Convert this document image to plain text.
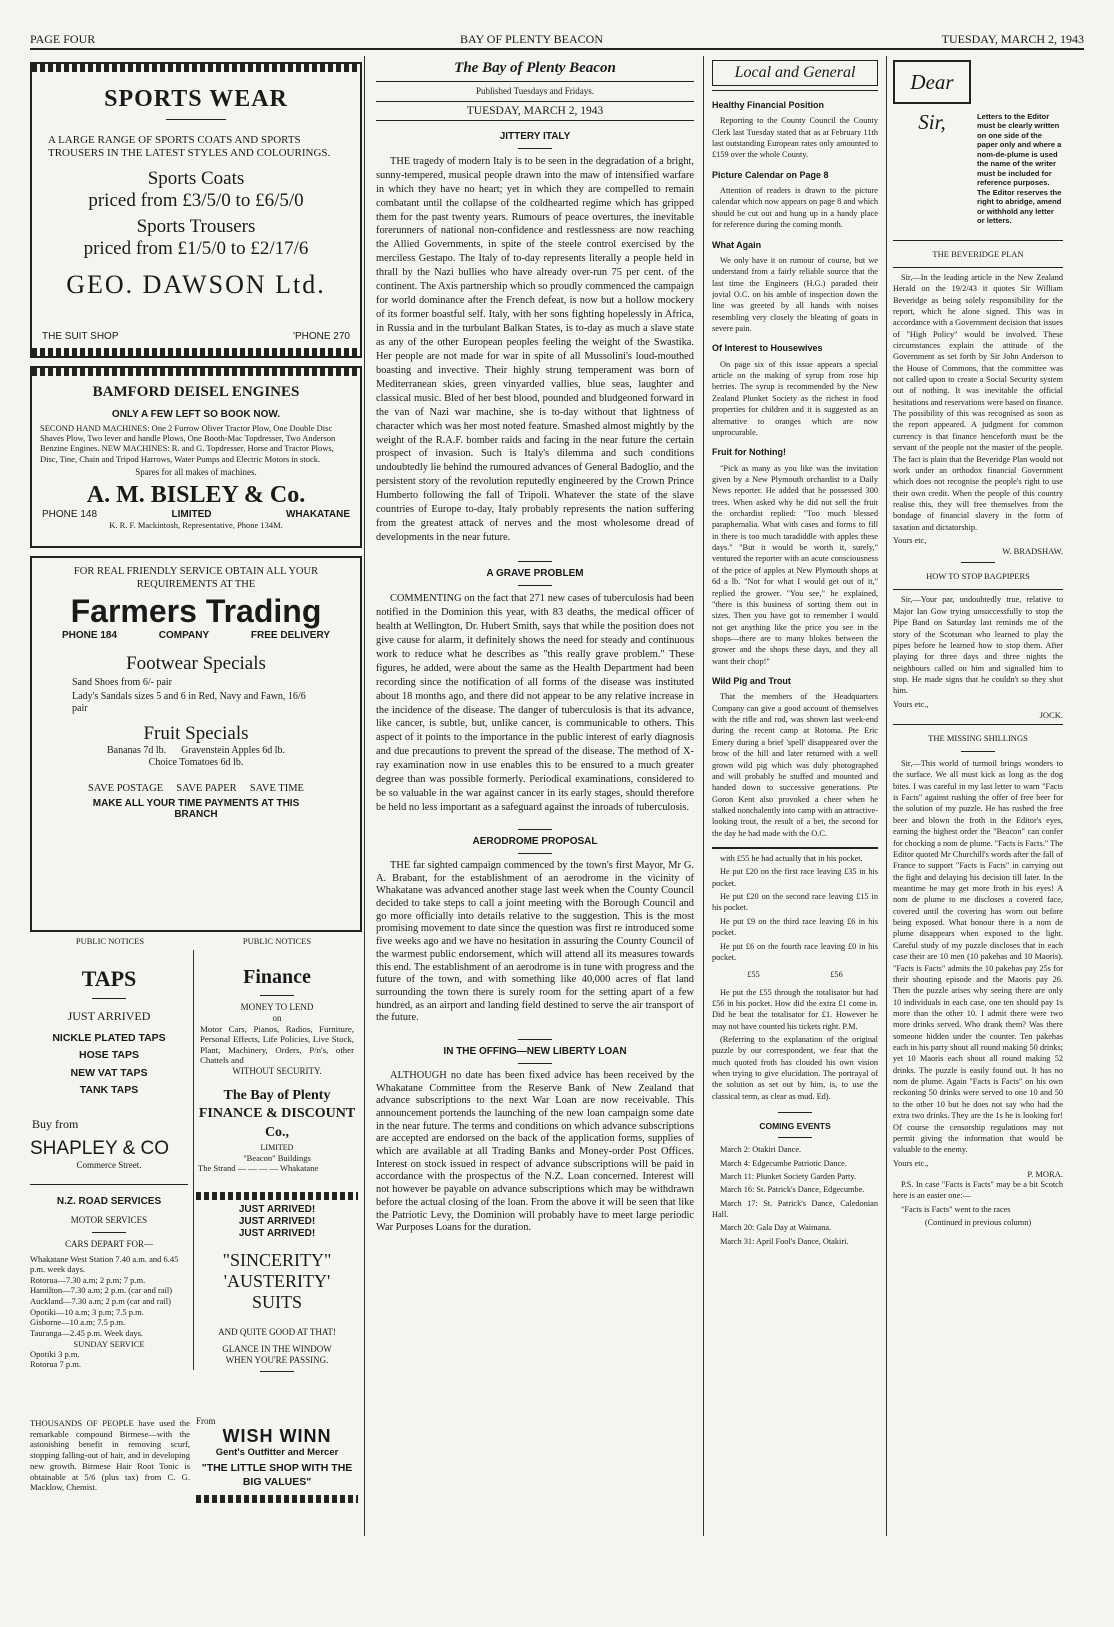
PAGE FOUR	BAY OF PLENTY BEACON	TUESDAY, MARCH 2, 1943
SPORTS WEAR
A LARGE RANGE OF SPORTS COATS AND SPORTS TROUSERS IN THE LATEST STYLES AND COLOURINGS.
Sports Coats
priced from £3/5/0 to £6/5/0
Sports Trousers
priced from £1/5/0 to £2/17/6
GEO. DAWSON Ltd.
THE SUIT SHOP	'PHONE 270
BAMFORD DEISEL ENGINES
ONLY A FEW LEFT SO BOOK NOW.
SECOND HAND MACHINES: One 2 Furrow Oliver Tractor Plow, One Double Disc Shaves Plow, Two lever and handle Plows, One Booth-Mac Topdresser, Two Anderson Benzine Engines. NEW MACHINES: R. and G. Topdresser, Horse and Tractor Plows, Disc, Tine, Chain and Tripod Harrows, Water Pumps and Electric Motors in stock.
Spares for all makes of machines.
A. M. BISLEY & Co.
PHONE 148	LIMITED	WHAKATANE
K. R. F. Mackintosh, Representative, Phone 134M.
FOR REAL FRIENDLY SERVICE OBTAIN ALL YOUR REQUIREMENTS AT THE
Farmers Trading
PHONE 184	COMPANY	FREE DELIVERY
Footwear Specials
Sand Shoes from 6/- pair
Lady's Sandals sizes 5 and 6 in Red, Navy and Fawn, 16/6 pair
Fruit Specials
Bananas 7d lb.      Gravenstein Apples 6d lb.
Choice Tomatoes 6d lb.
SAVE POSTAGE     SAVE PAPER     SAVE TIME
MAKE ALL YOUR TIME PAYMENTS AT THIS BRANCH
PUBLIC NOTICES	PUBLIC NOTICES
TAPS
JUST ARRIVED
NICKLE PLATED TAPS
HOSE TAPS
NEW VAT TAPS
TANK TAPS
Buy from
SHAPLEY & CO
Commerce Street.
N.Z. ROAD SERVICES
MOTOR SERVICES
CARS DEPART FOR—
Whakatane West Station 7.40 a.m. and 6.45 p.m. week days.
Rotorua—7.30 a.m; 2 p.m; 7 p.m.
Hamilton—7.30 a.m; 2 p.m. (car and rail)
Auckland—7.30 a.m; 2 p.m (car and rail)
Opotiki—10 a.m; 3 p.m; 7.5 p.m.
Gisborne—10 a.m; 7.5 p.m.
Tauranga—2.45 p.m. Week days.
SUNDAY SERVICE
Opotiki 3 p.m.
Rotorua 7 p.m.
Finance
MONEY TO LEND
on
Motor Cars, Pianos, Radios, Furniture, Personal Effects, Life Policies, Live Stock, Plant, Machinery, Orders, P/n's, other Chattels and
WITHOUT SECURITY.
The Bay of Plenty FINANCE & DISCOUNT Co.,
LIMITED
"Beacon" Buildings
The Strand — — — — Whakatane
JUST ARRIVED!
JUST ARRIVED!
JUST ARRIVED!
"SINCERITY"
'AUSTERITY'
SUITS
AND QUITE GOOD AT THAT!
GLANCE IN THE WINDOW WHEN YOU'RE PASSING.
From
WISH WINN
Gent's Outfitter and Mercer
"THE LITTLE SHOP WITH THE BIG VALUES"
THOUSANDS OF PEOPLE have used the remarkable compound Birmese—with the astonishing benefit in removing scurf, stopping falling-out of hair, and in developing new growth. Birmese Hair Root Tonic is obtainable at 5/6 (plus tax) from C. G. Macklow, Chemist.
The Bay of Plenty Beacon
Published Tuesdays and Fridays.
TUESDAY, MARCH 2, 1943
JITTERY ITALY

THE tragedy of modern Italy is to be seen in the degradation of a bright, sunny-tempered, musical people drawn into the maw of intensified warfare in which they have no heart; yet in which they are compelled to remain combatant until the collapse of the coldhearted regime which has gripped them for the past twenty years. Rumours of peace overtures, the inevitable forerunners of national non-confidence and restlessness are now reaching the Allied Governments, in spite of the steele control exercised by the merciless Gestapo. The Italy of to-day represents literally a people held in thrall by the Nazi bullies who have already over-run 75 per cent. of the continent. The Axis partnership which so proudly commenced the campaign for world dominance after the French defeat, is now but a hollow mockery of its former boastful self. Italy, with her sons fighting hopelessly in Africa, in Russia and in the turbulant Balkan States, is to-day as much a slave state as any of the other European peoples feeling the weight of the Swastika. Her people are not made for war in spite of all Mussolini's loud-mouthed boasting and invective. Their highly strung temperament was born of Mediterranean skies, green vinyarded vallies, blue seas, laughter and classical music. Bled of her best blood, pounded and bludgeoned forward in the van of Nazi war machine, she is to-day without that lightness of character which was her most noted feature. Smashed almost mightly by the weight of the R.A.F. bomber raids and facing in the near future the certain prospect of invasion. Such is Italy's dilemma and such conditions undoubtedly lie behind the rumoured advances of General Badoglio, and the persistent story of the revolution reputedly engineered by the Crown Prince Humberto following the fall of Tripoli. Whatever the state of the slave countries of Europe to-day, Italy probably represents the nation suffering from the greatest attack of nerves and the most wholesome dread of developments in the near future.

A GRAVE PROBLEM

COMMENTING on the fact that 271 new cases of tuberculosis had been notified in the Dominion this year, with 83 deaths, the medical officer of health at Wellington, Dr. Hubert Smith, says that while the position does not give cause for alarm, it definitely shows the need for steady and continuous work to reduce what he describes as "this really grave problem." These figures, he added, were about the same as the Health Department had been recording since the notification of all forms of the disease was instituted about 18 months ago, and there did not appear to be any relative increase in the incidence of the disease. The danger of tuberculosis is that its advance, like cancer, is subtle, but, unlike cancer, is communicable to others. This aspect of it points to the importance in the public interest of early diagnosis and due precautions to prevent the spread of the disease. The method of X-ray examination now in use enables this to be ensured to a much greater degree than was possible formerly. Periodical examinations, considered to be so valuable in the war against cancer in its early stages, should therefore be held no less important as a safeguard against the inroads of tuberculosis.

AERODROME PROPOSAL

THE far sighted campaign commenced by the town's first Mayor, Mr G. A. Brabant, for the establishment of an aerodrome in the vicinity of Whakatane was advanced another stage last week when the County Council decided to take steps to call a joint meeting with the Borough Council and go more officially into details relative to the suggestion. This is the most promising movement to date since the question was first re introduced some five weeks ago and we have no hesitation in assuring the County Council of the warmest public endorsement, which will attend all its measures towards this end. The establishment of an aerodrome is in tune with progress and the future of the town, and with something like 40,000 acres of flat land surrounding the town there is surely room for the setting apart of a few hundred, as an airport and landing field destined to serve the air transport of the future.

IN THE OFFING—NEW LIBERTY LOAN

ALTHOUGH no date has been fixed advice has been received by the Whakatane Committee from the Reserve Bank of New Zealand that advance subscriptions to the next War Loan are now receivable. This announcement portends the launching of the new loan campaign some date in the near future. The terms and conditions on which advance subscriptions are accepted are endorsed on the back of the application forms, supplies of which are available at all Trading Banks and Money-order Post Offices. Interest on stock issued in respect of advance subscriptions will be paid in accordance with the prospectus of the N.Z. Loan concerned. Interest will not however be payable on advance subscriptions which may be withdrawn before the actual closing of the loan. From the above it will be seen that like the Patriotic Levy, the Dominion will probably have to meet large periodic War Purposes Loans for the duration.

Local and General
Healthy Financial Position

Reporting to the County Council the County Clerk last Tuesday stated that as at February 11th last outstanding European rates only amounted to £159 over the whole County.

Picture Calendar on Page 8

Attention of readers is drawn to the picture calendar which now appears on page 8 and which should be cut out and hung up in a handy place for reference during the coming month.

What Again

We only have it on rumour of course, but we understand from a fairly reliable source that the last time the Engineers (H.G.) paraded their jovial O.C. on his amble of inspection down the line was greeted by all hands with noises resembling very closely the bleating of goats in severe pain.

Of Interest to Housewives

On page six of this issue appears a special article on the making of syrup from rose hip berries. The syrup is recommended by the New Zealand Plunket Society as the richest in food properties for children and it is suggested as an alternative to oranges which are now unprocurable.

Fruit for Nothing!

"Pick as many as you like was the invitation given by a New Plymouth orchardist to a Daily News reporter. He added that he possessed 300 trees. When asked why he did not sell the fruit the orchardist replied: "Too much blessed paraphernalia. What with cases and forms to fill in there is too much taradiddle with apples these days." "But it would be worth it, surely," ventured the reporter with an acute consciousness of the price of apples at New Plymouth shops at 6d a lb. "Not for what I would get out of it," replied the grower. "You see," he explained, "there is this business of sorting them out in sizes. Then you have got to remember I would not get anything like the price you see in the shops—there are to many blokes between the grower and the shops these days, and they all want their chop!"

Wild Pig and Trout

That the members of the Headquarters Company can give a good account of themselves with the rifle and rod, was shown last week-end during the recent camp at Rotoma. Pte Eric Emery during a brief 'spell' disappeared over the brow of the hill and later returned with a well grown wild pig which was duly photographed and will probably be stuffed and mounted and handed down to successive generations. Pte Goron Kent also provoked a cheer when he stalked nonchalently into camp with an attractive-looking trout, the result of a bet, the second for the day he had made with the O.C.

with £55 he had actually that in his pocket.

He put £20 on the first race leaving £35 in his pocket.

He put £20 on the second race leaving £15 in his pocket.

He put £9 on the third race leaving £6 in his pocket.

He put £6 on the fourth race leaving £0 in his pocket.

£55	£56

He put the £55 through the totalisator but had £56 in his pocket. How did the extra £1 come in. Did he beat the totalisator for £1. However he may not have counted his tickets right. P.M.

(Referring to the explanation of the original puzzle by our correspondent, we fear that the much quoted froth has clouded his own vision when trying to give elucidation. The portrayal of the solution as set out by him, is, to use the classical term, as clear as mud. Ed).

COMING EVENTS

March 2: Otakiri Dance.

March 4: Edgecumbe Patriotic Dance.

March 11: Plunket Society Garden Party.

March 16: St. Patrick's Dance, Edgecumbe.

March 17: St. Patrick's Dance, Caledonian Hall.

March 20: Gala Day at Waimana.

March 31: April Fool's Dance, Otakiri.

Dear Sir,	Letters to the Editor must be clearly written on one side of the paper only and where a nom-de-plume is used the name of the writer must be included for reference purposes. The Editor reserves the right to abridge, amend or withhold any letter or letters.
THE BEVERIDGE PLAN

Sir,—In the leading article in the New Zealand Herald on the 19/2/43 it quotes Sir William Beveridge as being solely responsibility for the report, which he alone signed. This was in accordance with a Government decision that issues of "High Policy" would be involved. These circumstances explain the attitude of the Government as set forth by Sir John Anderson to the House of Commons, that the committee was not called upon to create a Social Security system out of nothing. It was inevitable the official hesitations and reservations were based on finance. The possibility of this was recognised as soon as the report appeared. A judgment for common currency is that finance henceforth must be the servant of the people not the master of the people. The fact is plain that the Beveridge Plan would not work under an orthodox financial Government which does not recognise the people's right to use their own credit. When the people of this country realise this, they will free themselves from the bondage of financial slavery in the form of taxation and dictatorship.

Yours etc,
W. BRADSHAW.
HOW TO STOP BAGPIPERS

Sir,—Your par, undoubtedly true, relative to Major Ian Gow trying unsuccessfully to stop the Pipe Band on Saturday last reminds me of the story of the Scotsman who learned to play the pipes before he learned how to stop them. After playing for three days and three nights the neighbours called on him and signalled him to stop. He made signs that he couldn't so they shot him.

Yours etc.,
JOCK.
THE MISSING SHILLINGS

Sir,—This world of turmoil brings wonders to the surface. We all must kick as long as the dog bites. I was careful in my last letter to warn "Facts is Facts" against rushing the offer of free beer for the solution of my puzzle. He has rushed the free beer and blown the froth in the Editor's eyes, earning the highest order the "Beacon" can confer for chocking a nom de plume. "Facts is Facts." The Editor quoted Mr Churchill's words after the fall of France to support "Facts is Facts" in carrying out the fight and delaying his decision till later. In the meantime he may get more froth in his eyes! A nom de plume to me discloses a covered face, covered until the covering has worn out before being exposed. What honour there is a nom de plume disappears when exposed to the light. Careful study of my puzzle discloses that in each case their are 10 men (10 pakehas and 10 Maoris). "Facts is Facts" admits the 10 pakehas pay 25s for their shouting episode and the Maoris pay 26. Then the puzzle arises why seeing there are only 10 individuals in each case, one ten should pay 1s more than the other 10. I admit there were two more drinks served. Who drank them? Was there someone hidden under the counter. Ten pakehas each in his party shout all round making 50 drinks; yet 10 Maoris each shout all round making 52 drinks. The puzzle is easily found out. It has no nom de plume. Again "Facts is Facts" on his own reckoning 50 drinks were served to one 10 and 50 to the other 10 but he does not say who had the extra two drinks. They are the 1s he is looking for! Of course the censorship regulations may not permit giving the information that would be valuable to the enemy.

Yours etc.,
P. MORA.

P.S. In case "Facts is Facts" may be a bit Scotch here is an easier one:—

"Facts is Facts" went to the races

(Continued in previous column)
